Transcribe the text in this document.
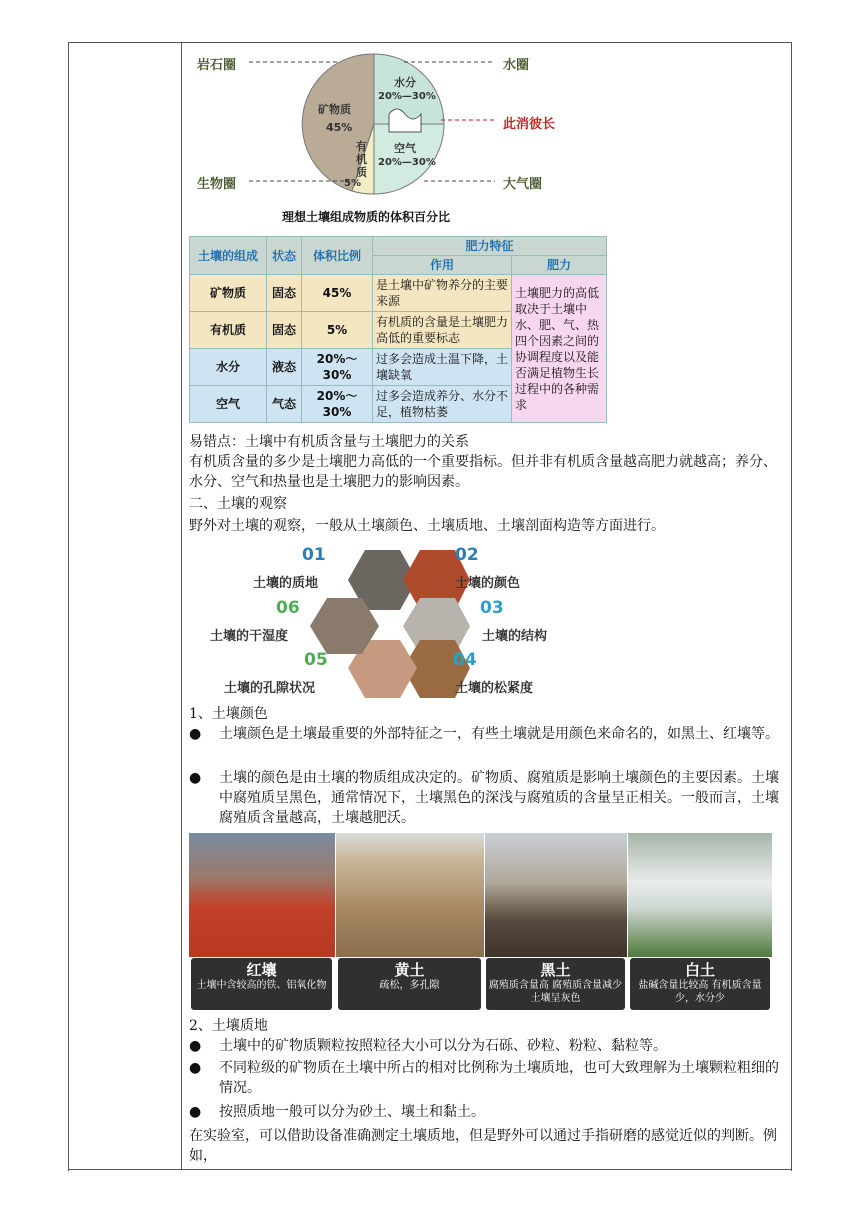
岩石圈
生物圈
水圈
此消彼长
大气圈
矿物质
45%
有机质
5%
水分
20%—30%
空气
20%—30%
理想土壤组成物质的体积百分比
土壤的组成	状态	体积比例	肥力特征	
			作用	肥力
矿物质	固态	45%	是土壤中矿物养分的主要来源	土壤肥力的高低取决于土壤中水、肥、气、热四个因素之间的协调程度以及能否满足植物生长过程中的各种需求
有机质	固态	5%	有机质的含量是土壤肥力高低的重要标志	
水分	液态	20%～30%	过多会造成土温下降，土壤缺氧	
空气	气态	20%～30%	过多会造成养分、水分不足，植物枯萎	
易错点：土壤中有机质含量与土壤肥力的关系
有机质含量的多少是土壤肥力高低的一个重要指标。但并非有机质含量越高肥力就越高；养分、水分、空气和热量也是土壤肥力的影响因素。
二、土壤的观察
野外对土壤的观察，一般从土壤颜色、土壤质地、土壤剖面构造等方面进行。
01
土壤的质地
02
土壤的颜色
03
土壤的结构
04
土壤的松紧度
05
土壤的孔隙状况
06
土壤的干湿度
1、土壤颜色
● 土壤颜色是土壤最重要的外部特征之一，有些土壤就是用颜色来命名的，如黑土、红壤等。
● 土壤的颜色是由土壤的物质组成决定的。矿物质、腐殖质是影响土壤颜色的主要因素。土壤中腐殖质呈黑色，通常情况下，土壤黑色的深浅与腐殖质的含量呈正相关。一般而言，土壤腐殖质含量越高，土壤越肥沃。
红壤
土壤中含较高的铁、铝氧化物
黄土
疏松，多孔隙
黑土
腐殖质含量高 腐殖质含量减少土壤呈灰色
白土
盐碱含量比较高 有机质含量少，水分少
2、土壤质地
● 土壤中的矿物质颗粒按照粒径大小可以分为石砾、砂粒、粉粒、黏粒等。
● 不同粒级的矿物质在土壤中所占的相对比例称为土壤质地，也可大致理解为土壤颗粒粗细的情况。
● 按照质地一般可以分为砂土、壤土和黏土。
在实验室，可以借助设备准确测定土壤质地，但是野外可以通过手指研磨的感觉近似的判断。例如，
